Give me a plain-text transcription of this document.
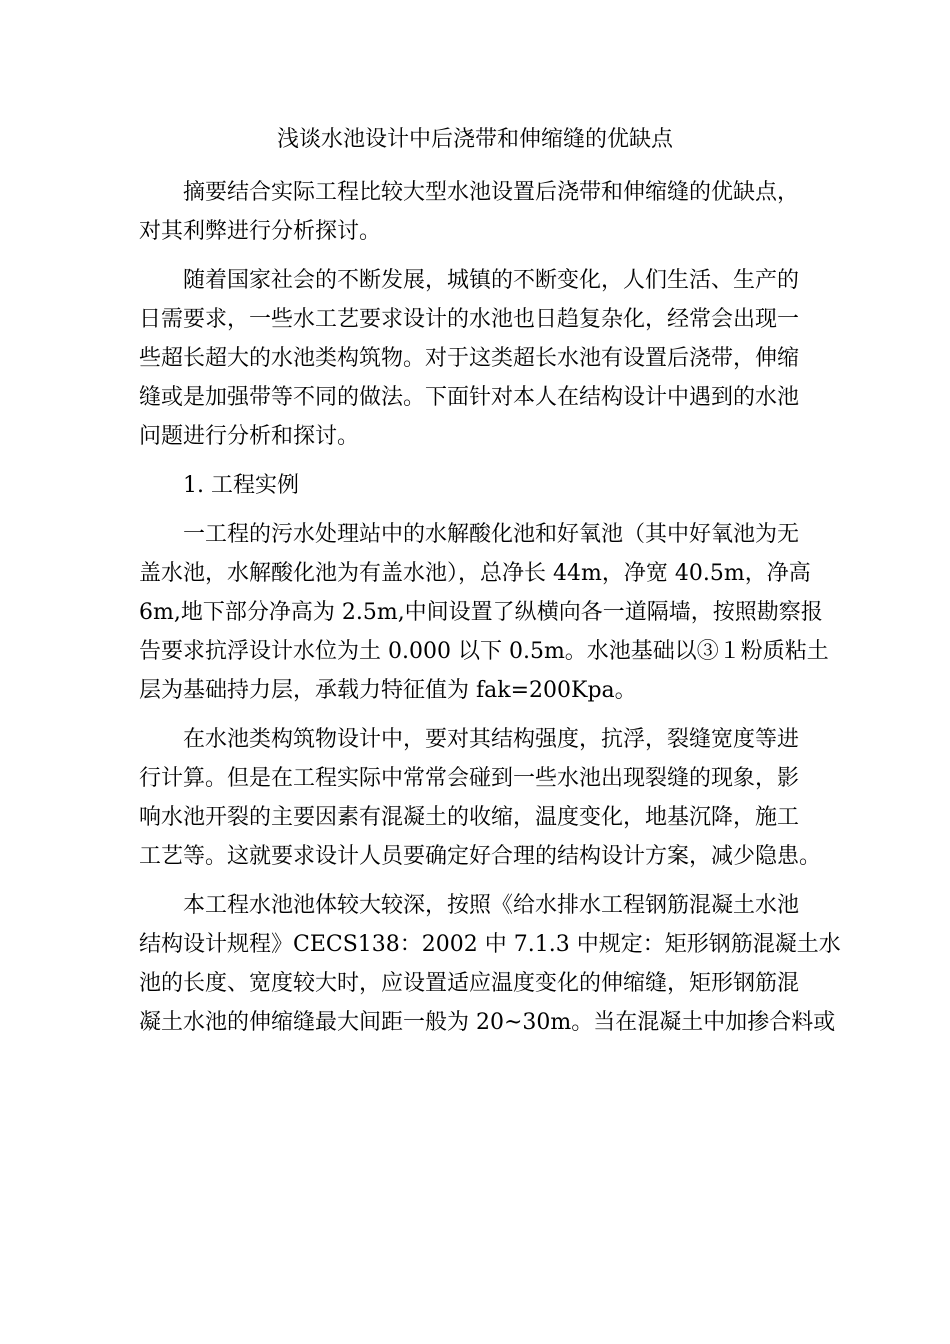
浅谈水池设计中后浇带和伸缩缝的优缺点
摘要结合实际工程比较大型水池设置后浇带和伸缩缝的优缺点，
对其利弊进行分析探讨。
随着国家社会的不断发展，城镇的不断变化，人们生活、生产的
日需要求，一些水工艺要求设计的水池也日趋复杂化，经常会出现一
些超长超大的水池类构筑物。对于这类超长水池有设置后浇带，伸缩
缝或是加强带等不同的做法。下面针对本人在结构设计中遇到的水池
问题进行分析和探讨。
1. 工程实例
一工程的污水处理站中的水解酸化池和好氧池（其中好氧池为无
盖水池，水解酸化池为有盖水池），总净长 44m，净宽 40.5m，净高
6m,地下部分净高为 2.5m,中间设置了纵横向各一道隔墙，按照勘察报
告要求抗浮设计水位为土 0.000 以下 0.5m。水池基础以③１粉质粘土
层为基础持力层，承载力特征值为 fak=200Kpa。
在水池类构筑物设计中，要对其结构强度，抗浮，裂缝宽度等进
行计算。但是在工程实际中常常会碰到一些水池出现裂缝的现象，影
响水池开裂的主要因素有混凝土的收缩，温度变化，地基沉降，施工
工艺等。这就要求设计人员要确定好合理的结构设计方案，减少隐患。
本工程水池池体较大较深，按照《给水排水工程钢筋混凝土水池
结构设计规程》CECS138：2002 中 7.1.3 中规定：矩形钢筋混凝土水
池的长度、宽度较大时，应设置适应温度变化的伸缩缝，矩形钢筋混
凝土水池的伸缩缝最大间距一般为 20~30m。当在混凝土中加掺合料或
